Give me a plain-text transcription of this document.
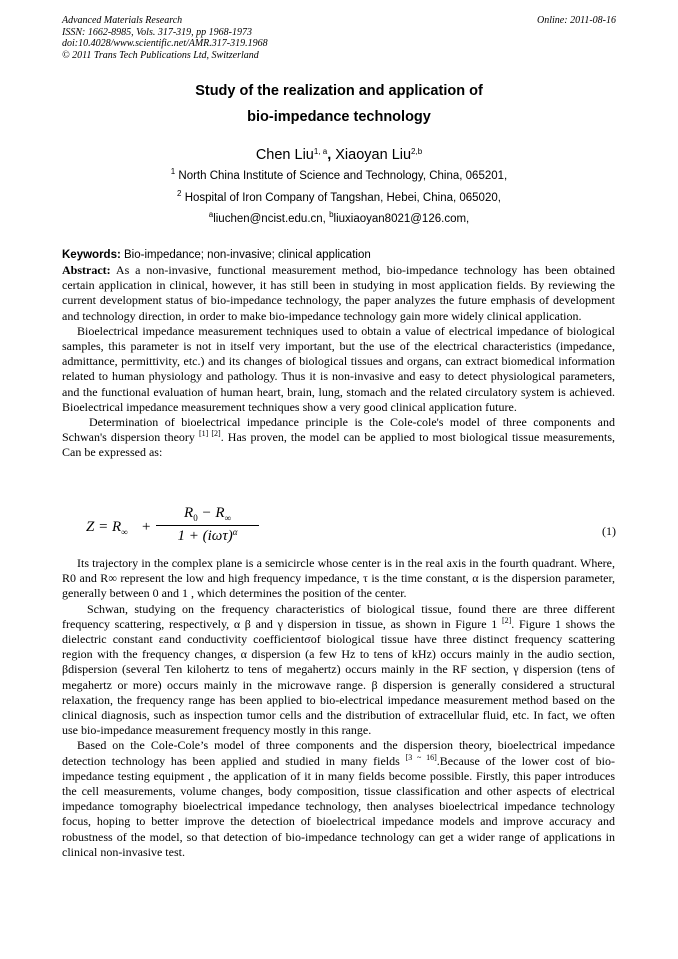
Advanced Materials Research
ISSN: 1662-8985, Vols. 317-319, pp 1968-1973
doi:10.4028/www.scientific.net/AMR.317-319.1968
© 2011 Trans Tech Publications Ltd, Switzerland
Online: 2011-08-16
Study of the realization and application of
bio-impedance technology
Chen Liu$^{1, a}$, Xiaoyan Liu$^{2,b}$
$^1$ North China Institute of Science and Technology, China, 065201,
$^2$ Hospital of Iron Company of Tangshan, Hebei, China, 065020,
$^a$liuchen@ncist.edu.cn, $^b$liuxiaoyan8021@126.com,
Keywords: Bio-impedance; non-invasive; clinical application

Abstract: As a non-invasive, functional measurement method, bio-impedance technology has been obtained certain application in clinical, however, it has still been in studying in most application fields. By reviewing the current development status of bio-impedance technology, the paper analyzes the future emphasis of development and technology direction, in order to make bio-impedance technology gain more widely clinical application.

Bioelectrical impedance measurement techniques used to obtain a value of electrical impedance of biological samples, this parameter is not in itself very important, but the use of the electrical characteristics (impedance, admittance, permittivity, etc.) and its changes of biological tissues and organs, can extract biomedical information related to human physiology and pathology. Thus it is non-invasive and easy to detect physiological parameters, and the functional evaluation of human heart, brain, lung, stomach and the related circulatory system is achieved. Bioelectrical impedance measurement techniques show a very good clinical application future.

Determination of bioelectrical impedance principle is the Cole-cole's model of three components and Schwan's dispersion theory [1] [2]. Has proven, the model can be applied to most biological tissue measurements, Can be expressed as:

$Z = R_\infty$ +
$R_0 - R_\infty$
$1 + (i\omega\tau)^\alpha$	(1)

Its trajectory in the complex plane is a semicircle whose center is in the real axis in the fourth quadrant. Where, R0 and R∞ represent the low and high frequency impedance, τ is the time constant, α is the dispersion parameter, generally between 0 and 1 , which determines the position of the center.

Schwan, studying on the frequency characteristics of biological tissue, found there are three different frequency scattering, respectively, α β and γ dispersion in tissue, as shown in Figure 1 [2]. Figure 1 shows the dielectric constant εand conductivity coefficientσof biological tissue have three distinct frequency scattering region with the frequency changes, α dispersion (a few Hz to tens of kHz) occurs mainly in the audio section, βdispersion (several Ten kilohertz to tens of megahertz) occurs mainly in the RF section, γ dispersion (tens of megahertz or more) occurs mainly in the microwave range. β dispersion is generally considered a structural relaxation, the frequency range has been applied to bio-electrical impedance measurement method based on the clinical diagnosis, such as inspection tumor cells and the distribution of extracellular fluid, etc. In fact, we often use bio-impedance measurement frequency mostly in this range.

Based on the Cole-Cole’s model of three components and the dispersion theory, bioelectrical impedance detection technology has been applied and studied in many fields [3 ~ 16].Because of the lower cost of bio-impedance testing equipment , the application of it in many fields become possible. Firstly, this paper introduces the cell measurements, volume changes, body composition, tissue classification and other aspects of electrical impedance tomography bioelectrical impedance technology, then analyses bioelectrical impedance technology focus, hoping to better improve the detection of bioelectrical impedance models and improve accuracy and robustness of the model, so that detection of bio-impedance technology can get a wider range of applications in clinical non-invasive test.
